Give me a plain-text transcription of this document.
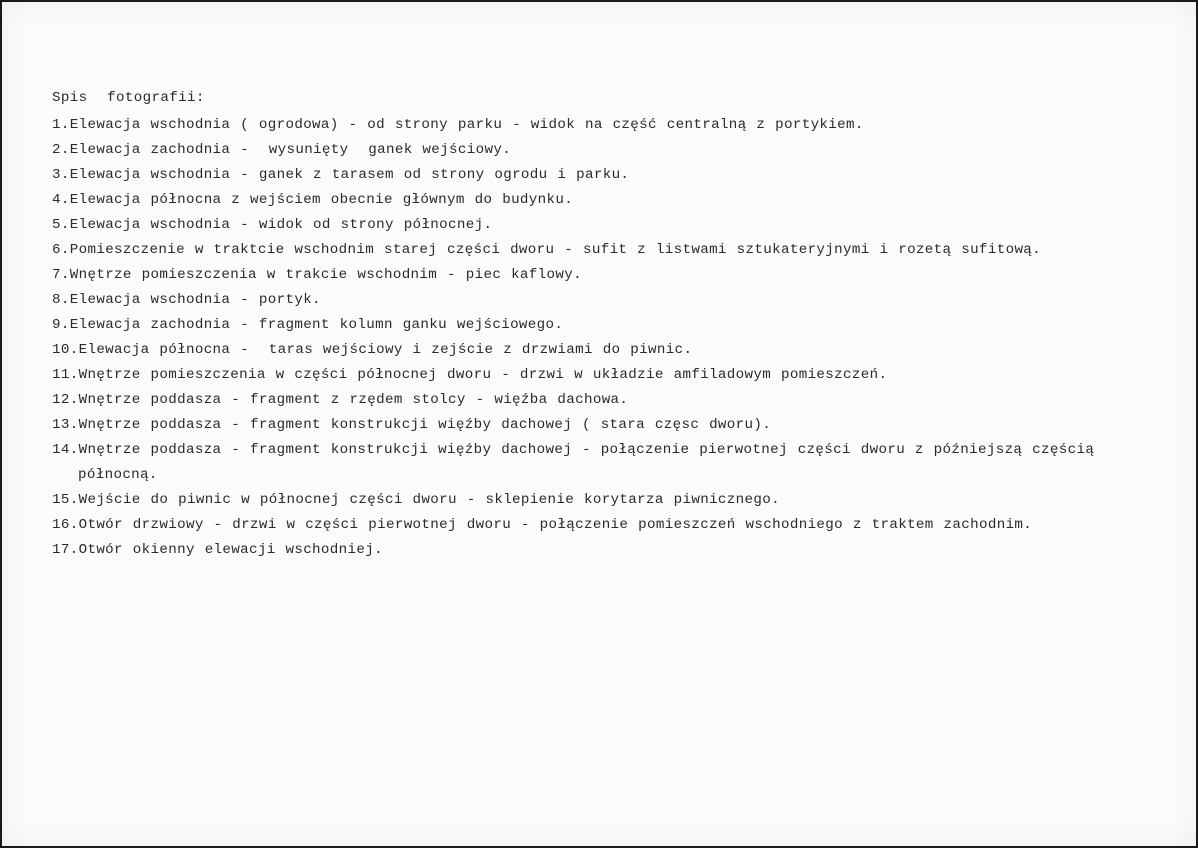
Spis  fotografii:
1.Elewacja wschodnia ( ogrodowa) - od strony parku - widok na część centralną z portykiem.
2.Elewacja zachodnia -  wysunięty  ganek wejściowy.
3.Elewacja wschodnia - ganek z tarasem od strony ogrodu i parku.
4.Elewacja północna z wejściem obecnie głównym do budynku.
5.Elewacja wschodnia - widok od strony północnej.
6.Pomieszczenie w traktcie wschodnim starej części dworu - sufit z listwami sztukateryjnymi i rozetą sufitową.
7.Wnętrze pomieszczenia w trakcie wschodnim - piec kaflowy.
8.Elewacja wschodnia - portyk.
9.Elewacja zachodnia - fragment kolumn ganku wejściowego.
10.Elewacja północna -  taras wejściowy i zejście z drzwiami do piwnic.
11.Wnętrze pomieszczenia w części północnej dworu - drzwi w układzie amfiladowym pomieszczeń.
12.Wnętrze poddasza - fragment z rzędem stolcy - więźba dachowa.
13.Wnętrze poddasza - fragment konstrukcji więźby dachowej ( stara częsc dworu).
14.Wnętrze poddasza - fragment konstrukcji więźby dachowej - połączenie pierwotnej części dworu z późniejszą częścią północną.
15.Wejście do piwnic w północnej części dworu - sklepienie korytarza piwnicznego.
16.Otwór drzwiowy - drzwi w części pierwotnej dworu - połączenie pomieszczeń wschodniego z traktem zachodnim.
17.Otwór okienny elewacji wschodniej.
